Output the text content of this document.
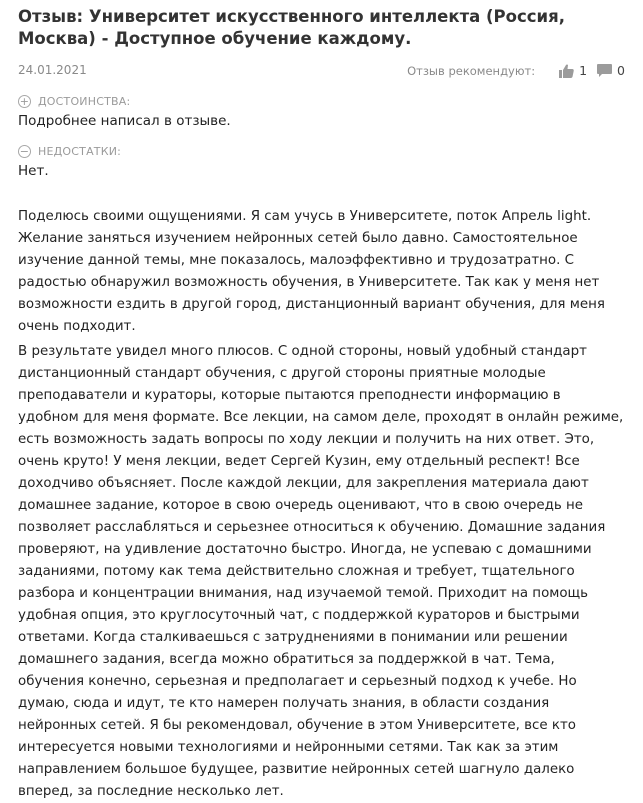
Отзыв: Университет искусственного интеллекта (Россия, Москва) - Доступное обучение каждому.
24.01.2021	Отзыв рекомендуют:	1 0
+ ДОСТОИНСТВА:
Подробнее написал в отзыве.
− НЕДОСТАТКИ:
Нет.

Поделюсь своими ощущениями. Я сам учусь в Университете, поток Апрель light. Желание заняться изучением нейронных сетей было давно. Самостоятельное изучение данной темы, мне показалось, малоэффективно и трудозатратно. С радостью обнаружил возможность обучения, в Университете. Так как у меня нет возможности ездить в другой город, дистанционный вариант обучения, для меня очень подходит.

В результате увидел много плюсов. С одной стороны, новый удобный стандарт дистанционный стандарт обучения, с другой стороны приятные молодые преподаватели и кураторы, которые пытаются преподнести информацию в удобном для меня формате. Все лекции, на самом деле, проходят в онлайн режиме, есть возможность задать вопросы по ходу лекции и получить на них ответ. Это, очень круто! У меня лекции, ведет Сергей Кузин, ему отдельный респект! Все доходчиво объясняет. После каждой лекции, для закрепления материала дают домашнее задание, которое в свою очередь оценивают, что в свою очередь не позволяет расслабляться и серьезнее относиться к обучению. Домашние задания проверяют, на удивление достаточно быстро. Иногда, не успеваю с домашними заданиями, потому как тема действительно сложная и требует, тщательного разбора и концентрации внимания, над изучаемой темой. Приходит на помощь удобная опция, это круглосуточный чат, с поддержкой кураторов и быстрыми ответами. Когда сталкиваешься с затруднениями в понимании или решении домашнего задания, всегда можно обратиться за поддержкой в чат. Тема, обучения конечно, серьезная и предполагает и серьезный подход к учебе. Но думаю, сюда и идут, те кто намерен получать знания, в области создания нейронных сетей. Я бы рекомендовал, обучение в этом Университете, все кто интересуется новыми технологиями и нейронными сетями. Так как за этим направлением большое будущее, развитие нейронных сетей шагнуло далеко вперед, за последние несколько лет.
